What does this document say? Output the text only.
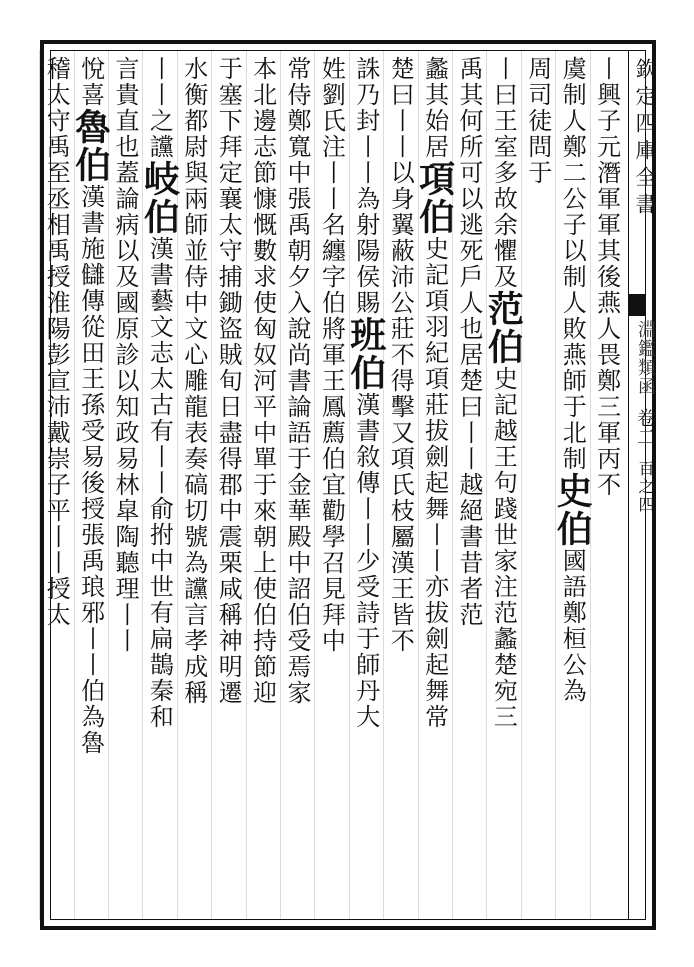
欽定四庫全書
淵鑑類函
卷二
百之四
丨興子元潛軍軍其後燕人畏鄭三軍丙不
虞制人鄭二公子以制人敗燕師于北制史伯國語鄭桓公為
周司徒問于
丨曰王室多故余懼及范伯史記越王句踐世家注范蠡楚宛三
禹其何所可以逃死戶人也居楚曰丨丨越絕書昔者范
蠡其始居項伯史記項羽紀項莊拔劍起舞丨丨亦拔劍起舞常
楚曰丨丨以身翼蔽沛公莊不得擊又項氏枝屬漢王皆不
誅乃封丨丨為射陽侯賜班伯漢書敘傳丨丨少受詩于師丹大
姓劉氏注丨丨名纏字伯將軍王鳳薦伯宜勸學召見拜中
常侍鄭寬中張禹朝夕入說尚書論語于金華殿中詔伯受焉家
本北邊志節慷慨數求使匈奴河平中單于來朝上使伯持節迎
于塞下拜定襄太守捕鋤盜賊旬日盡得郡中震栗咸稱神明遷
水衡都尉與兩師並侍中文心雕龍表奏碻切號為讜言孝成稱
丨丨之讜岐伯漢書藝文志太古有丨丨俞拊中世有扁鵲秦和
言貴直也蓋論病以及國原診以知政易林皐陶聽理丨丨
悅喜魯伯漢書施讎傳從田王孫受易後授張禹琅邪丨丨伯為魯
稽太守禹至丞相禹授淮陽彭宣沛戴崇子平丨丨授太
